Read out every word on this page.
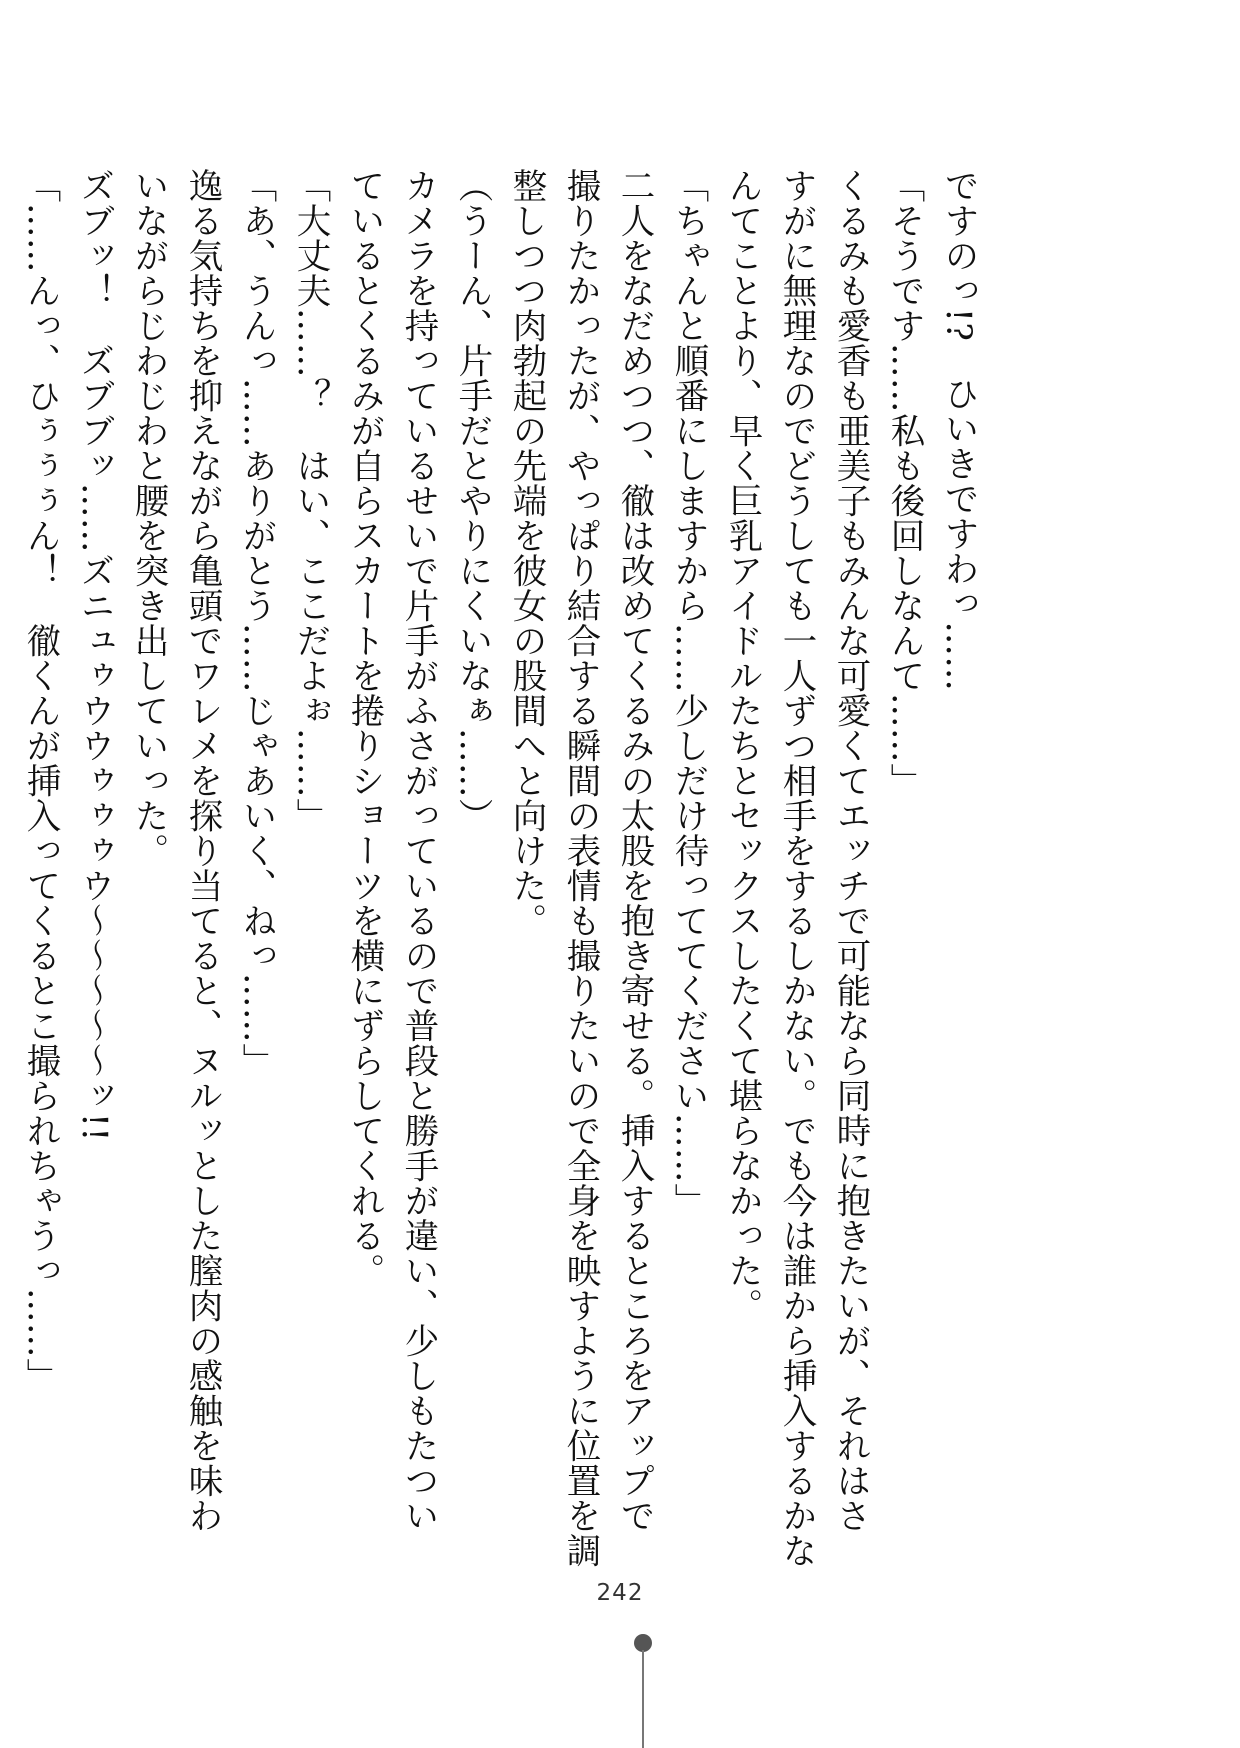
ですのっ!?　ひいきですわっ……
「そうです……私も後回しなんて……」
くるみも愛香も亜美子もみんな可愛くてエッチで可能なら同時に抱きたいが、それはさ
すがに無理なのでどうしても一人ずつ相手をするしかない。でも今は誰から挿入するかな
んてことより、早く巨乳アイドルたちとセックスしたくて堪らなかった。
「ちゃんと順番にしますから……少しだけ待っててください……」
二人をなだめつつ、徹は改めてくるみの太股を抱き寄せる。挿入するところをアップで
撮りたかったが、やっぱり結合する瞬間の表情も撮りたいので全身を映すように位置を調
整しつつ肉勃起の先端を彼女の股間へと向けた。
（うーん、片手だとやりにくいなぁ……）
カメラを持っているせいで片手がふさがっているので普段と勝手が違い、少しもたつい
ているとくるみが自らスカートを捲りショーツを横にずらしてくれる。
「大丈夫……？　はい、ここだよぉ……」
「あ、うんっ……ありがとう……じゃあいく、ねっ……」
逸る気持ちを抑えながら亀頭でワレメを探り当てると、ヌルッとした膣肉の感触を味わ
いながらじわじわと腰を突き出していった。
ズブッ！　ズブブッ……ズニュゥウウゥゥゥウ～～～～～ッ!!
「……んっ、ひぅぅぅん！　徹くんが挿入ってくるとこ撮られちゃうっ……」
242
